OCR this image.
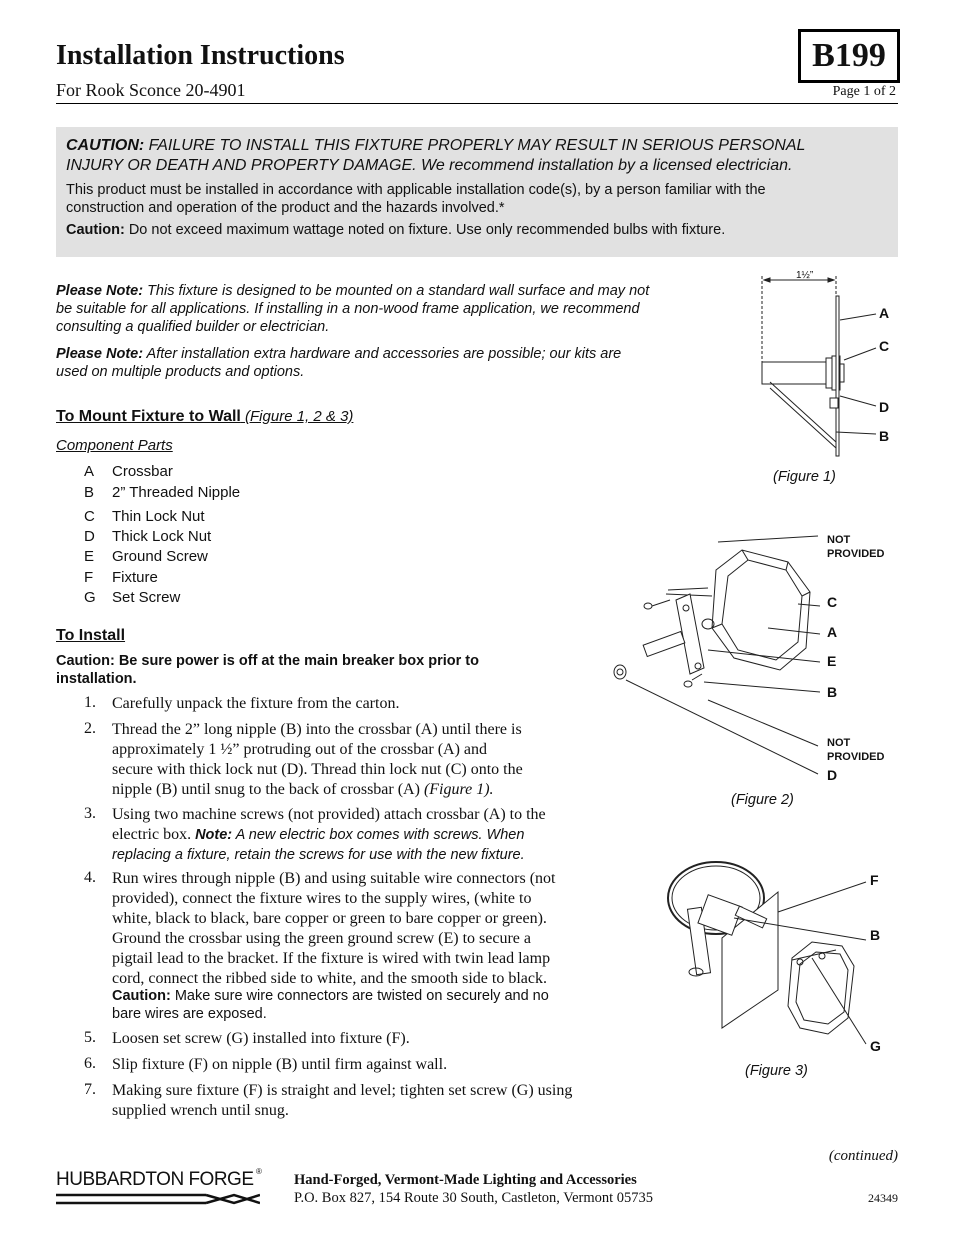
Installation Instructions
For Rook Sconce 20-4901
B199
Page 1 of 2
CAUTION: FAILURE TO INSTALL THIS FIXTURE PROPERLY MAY RESULT IN SERIOUS PERSONAL
INJURY OR DEATH AND PROPERTY DAMAGE. We recommend installation by a licensed electrician.
This product must be installed in accordance with applicable installation code(s), by a person familiar with the
construction and operation of the product and the hazards involved.*
Caution: Do not exceed maximum wattage noted on fixture. Use only recommended bulbs with fixture.
Please Note: This fixture is designed to be mounted on a standard wall surface and may not
be suitable for all applications. If installing in a non-wood frame application, we recommend
consulting a qualified builder or electrician.
Please Note: After installation extra hardware and accessories are possible; our kits are
used on multiple products and options.
To Mount Fixture to Wall (Figure 1, 2 & 3)
Component Parts
A Crossbar
B 2” Threaded Nipple
C Thin Lock Nut
D Thick Lock Nut
E Ground Screw
F Fixture
G Set Screw
To Install
Caution: Be sure power is off at the main breaker box prior to
installation.
1. Carefully unpack the fixture from the carton.
2. Thread the 2” long nipple (B) into the crossbar (A) until there is
approximately 1 ½” protruding out of the crossbar (A) and
secure with thick lock nut (D). Thread thin lock nut (C) onto the
nipple (B) until snug to the back of crossbar (A) (Figure 1).
3. Using two machine screws (not provided) attach crossbar (A) to the
electric box. Note: A new electric box comes with screws. When
replacing a fixture, retain the screws for use with the new fixture.
4. Run wires through nipple (B) and using suitable wire connectors (not
provided), connect the fixture wires to the supply wires, (white to
white, black to black, bare copper or green to bare copper or green).
Ground the crossbar using the green ground screw (E) to secure a
pigtail lead to the bracket. If the fixture is wired with twin lead lamp
cord, connect the ribbed side to white, and the smooth side to black.
Caution: Make sure wire connectors are twisted on securely and no
bare wires are exposed.
5. Loosen set screw (G) installed into fixture (F).
6. Slip fixture (F) on nipple (B) until firm against wall.
7. Making sure fixture (F) is straight and level; tighten set screw (G) using
supplied wrench until snug.
1½”
A
C
D
B
(Figure 1)
NOT
PROVIDED
C
A
E
B
NOT
PROVIDED
D
(Figure 2)
F
B
G
(Figure 3)
(continued)
HUBBARDTON FORGE ®
Hand-Forged, Vermont-Made Lighting and Accessories
P.O. Box 827, 154 Route 30 South, Castleton, Vermont 05735	24349
